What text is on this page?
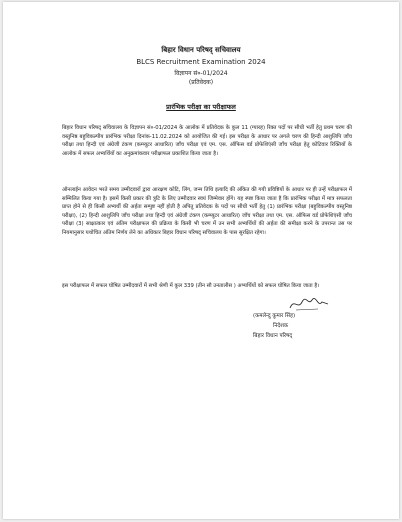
बिहार विधान परिषद् सचिवालय
BLCS Recruitment Examination 2024
विज्ञापन सं०-01/2024
(प्रतिवेदक)
प्रारंभिक परीक्षा का परीक्षाफल

बिहार विधान परिषद् सचिवालय के विज्ञापन सं०-01/2024 के आलोक में प्रतिवेदक के कुल 11 (ग्यारह) रिक्त पदों पर सीधी भर्ती हेतु प्रथम चरण की वस्तुनिष्ठ बहुविकल्पीय प्रारंभिक परीक्षा दिनांक-11.02.2024 को आयोजित की गई। इस परीक्षा के आधार पर अगले चरण की हिन्दी आशुलिपि जाँच परीक्षा तथा हिन्दी एवं अंग्रेजी टंकण (कम्प्यूटर आधारित) जाँच परीक्षा एवं एम. एस. ऑफिस वर्ड प्रोफेशिएंसी जाँच परीक्षा हेतु कोटिवार रिक्तियों के आलोक में सफल अभ्यर्थियों का अनुक्रमांकवार परीक्षाफल प्रकाशित किया जाता है।

ऑनलाईन आवेदन भरते समय उम्मीदवारों द्वारा आरक्षण कोटि, लिंग, जन्म तिथि इत्यादि की अंकित की गयी प्रविष्टियों के आधार पर ही उन्हें परीक्षाफल में सम्मिलित किया गया है। इसमें किसी प्रकार की त्रुटि के लिए उम्मीदवार स्वयं जिम्मेवार होंगे। यह स्पष्ट किया जाता है कि प्रारंभिक परीक्षा में मात्र सफलता प्राप्त होने से ही किसी अभ्यर्थी की अर्हता सम्पुष्ट नहीं होती है अपितु प्रतिवेदक के पदों पर सीधी भर्ती हेतु (1) प्रारंभिक परीक्षा (बहुविकल्पीय वस्तुनिष्ठ परीक्षा), (2) हिन्दी आशुलिपि जाँच परीक्षा तथा हिन्दी एवं अंग्रेजी टंकण (कम्प्यूटर आधारित) जाँच परीक्षा तथा एम. एस. ऑफिस वर्ड प्रोफेशिएंसी जाँच परीक्षा (3) साक्षात्कार एवं अंतिम परीक्षाफल की प्रक्रिया के किसी भी चरण में उन सभी अभ्यर्थियों की अर्हता की समीक्षा करने के उपरान्त उस पर नियमानुसार यथोचित अंतिम निर्णय लेने का अधिकार बिहार विधान परिषद् सचिवालय के पास सुरक्षित रहेगा।

इस परीक्षाफल में सफल घोषित उम्मीदवारों में सभी श्रेणी में कुल 339 (तीन सौ उनतालीस ) अभ्यर्थियों को सफल घोषित किया जाता है।

(कमलेन्दु कुमार सिंह)
निदेशक
बिहार विधान परिषद्
